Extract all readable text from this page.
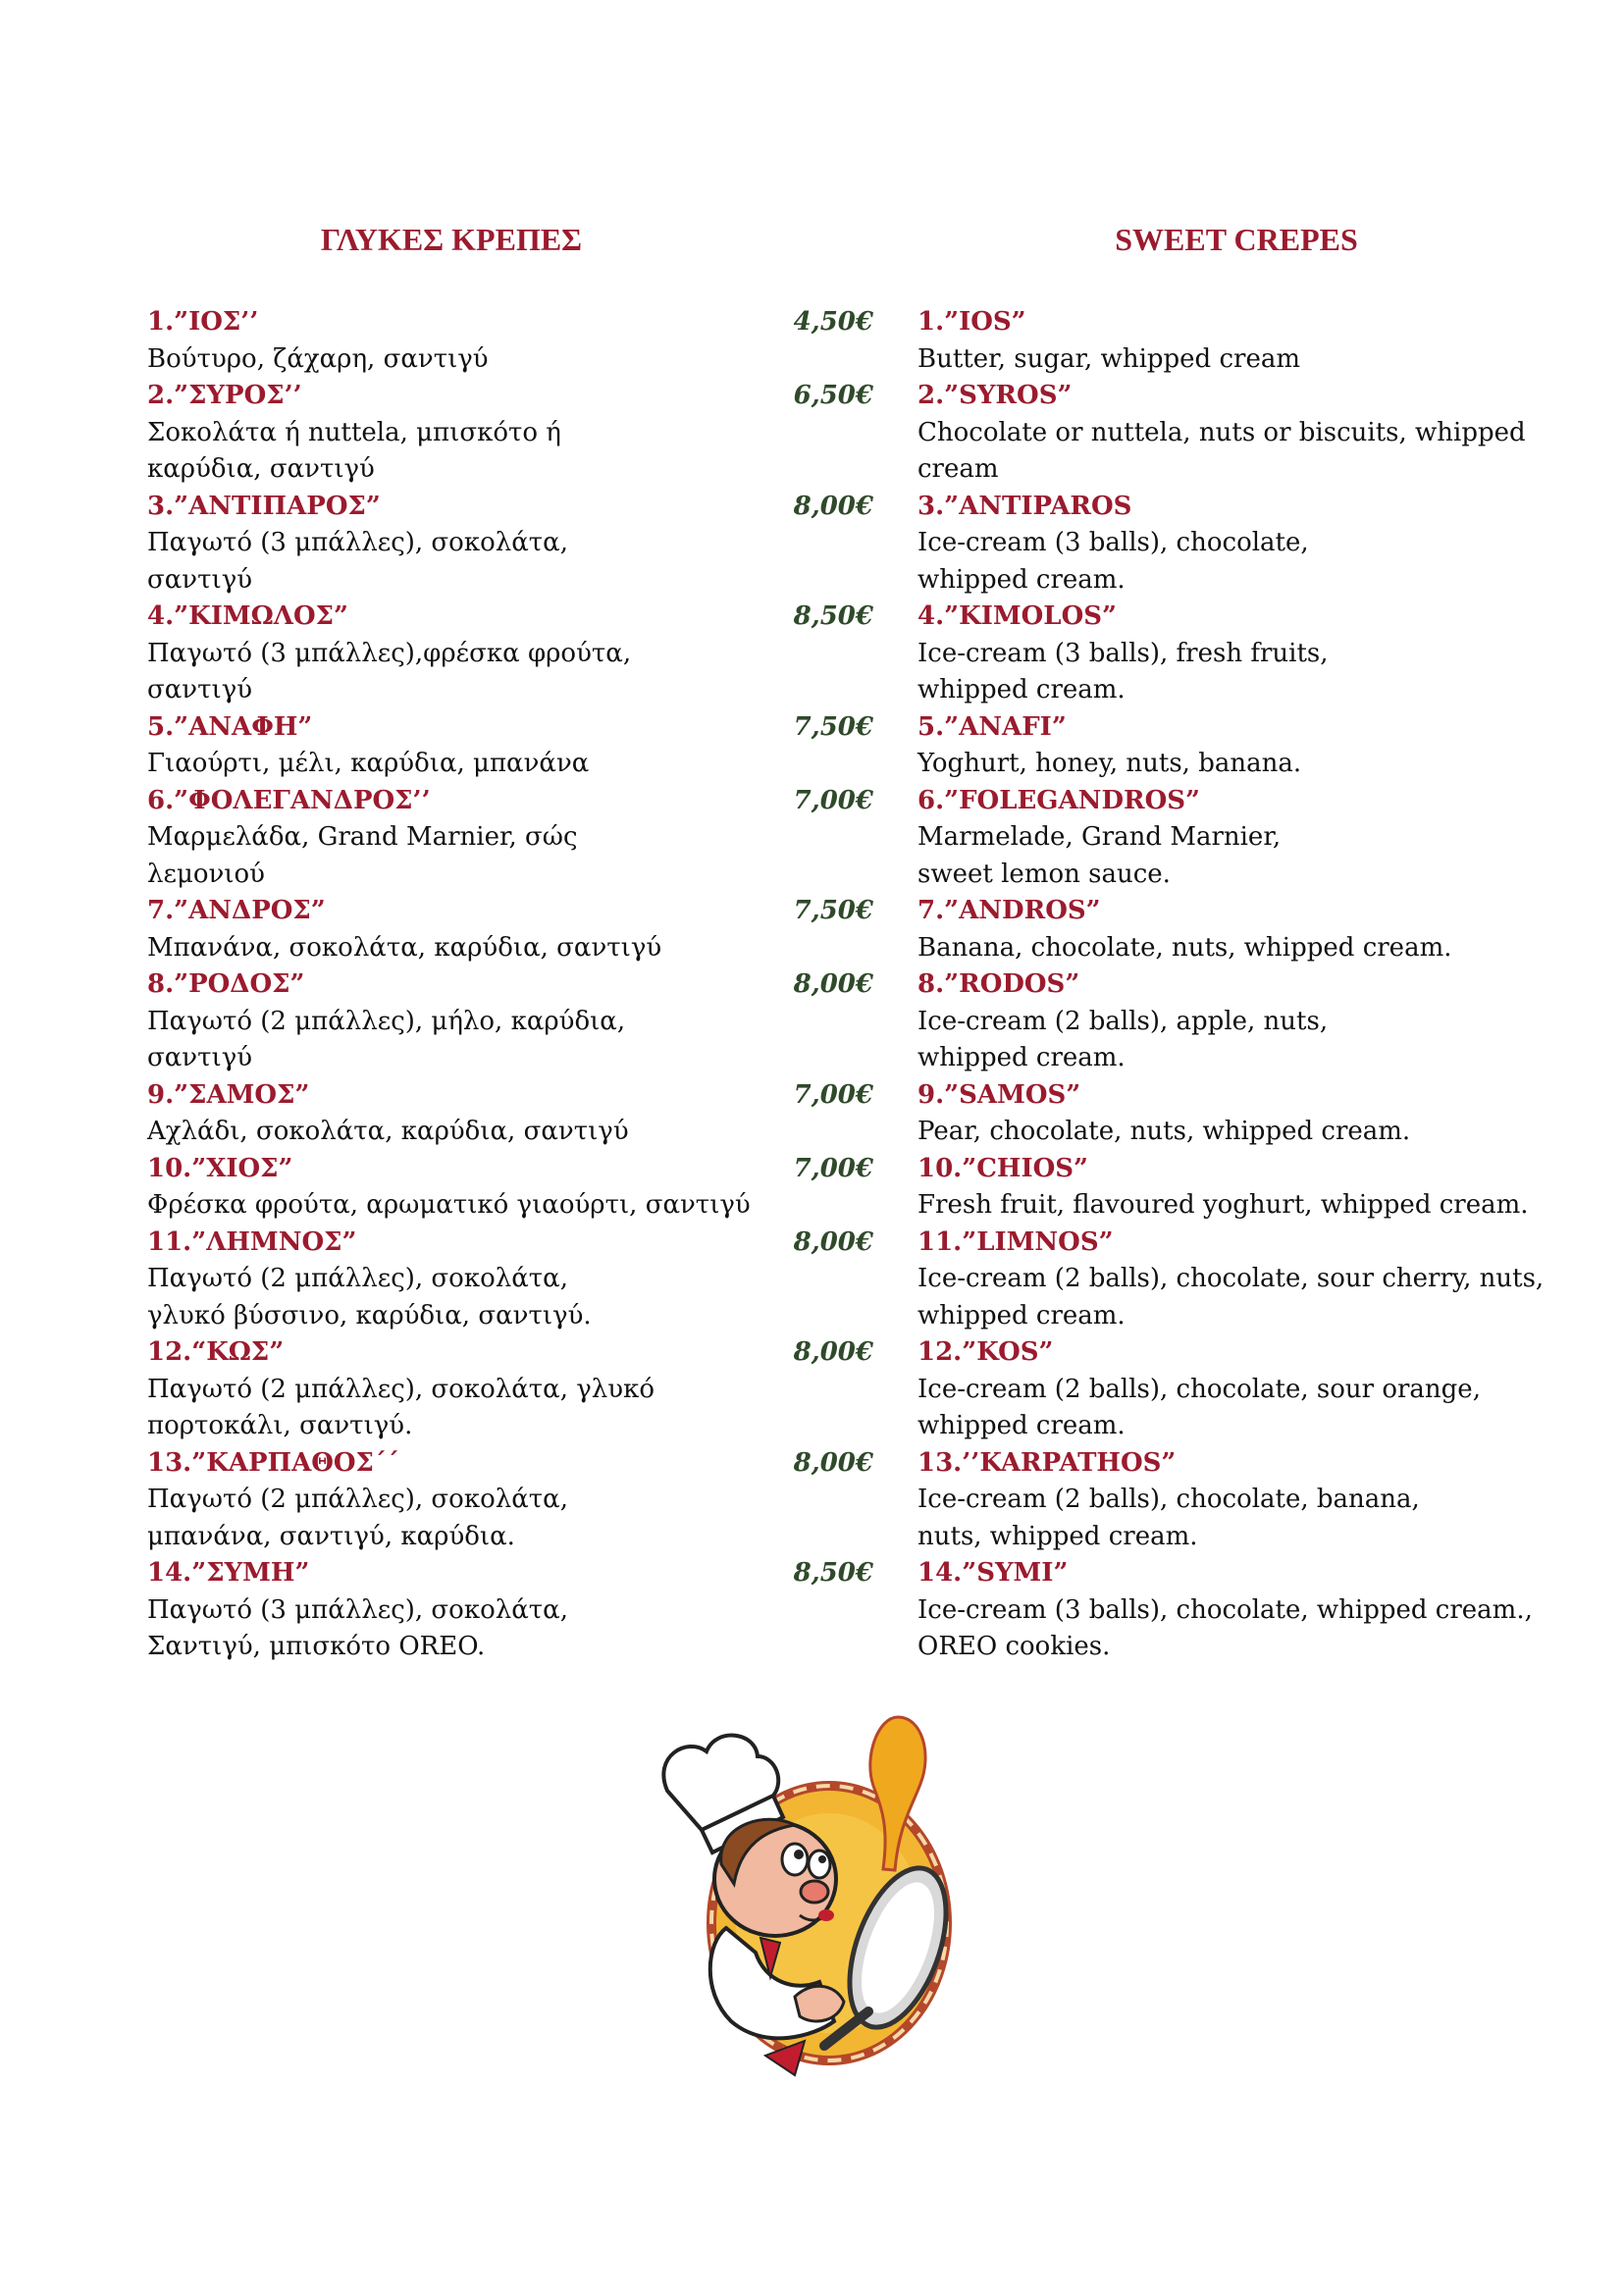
ΓΛΥΚΕΣ ΚΡΕΠΕΣ	SWEET CREPES
1.”ΙΟΣ’’	4,50€
Βούτυρο, ζάχαρη, σαντιγύ
2.”ΣΥΡΟΣ’’	6,50€
Σοκολάτα ή nuttela, μπισκότο ή καρύδια, σαντιγύ
3.”ΑΝΤΙΠΑΡΟΣ”	8,00€
Παγωτό (3 μπάλλες), σοκολάτα, σαντιγύ
4.”ΚΙΜΩΛΟΣ”	8,50€
Παγωτό (3 μπάλλες),φρέσκα φρούτα, σαντιγύ
5.”ΑΝΑΦΗ”	7,50€
Γιαούρτι, μέλι, καρύδια, μπανάνα
6.”ΦΟΛΕΓΑΝΔΡΟΣ’’	7,00€
Μαρμελάδα, Grand Marnier, σώς λεμονιού
7.”ΑΝΔΡΟΣ”	7,50€
Μπανάνα, σοκολάτα, καρύδια, σαντιγύ
8.”ΡΟΔΟΣ”	8,00€
Παγωτό (2 μπάλλες), μήλο, καρύδια, σαντιγύ
9.”ΣΑΜΟΣ”	7,00€
Αχλάδι, σοκολάτα, καρύδια, σαντιγύ
10.”ΧΙΟΣ”	7,00€
Φρέσκα φρούτα, αρωματικό γιαούρτι, σαντιγύ
11.”ΛΗΜΝΟΣ”	8,00€
Παγωτό (2 μπάλλες), σοκολάτα, γλυκό βύσσινο, καρύδια, σαντιγύ.
12.“ΚΩΣ”	8,00€
Παγωτό (2 μπάλλες), σοκολάτα, γλυκό πορτοκάλι, σαντιγύ.
13.”ΚΑΡΠΑΘΟΣ΄΄	8,00€
Παγωτό (2 μπάλλες), σοκολάτα, μπανάνα, σαντιγύ, καρύδια.
14.”ΣΥΜΗ”	8,50€
Παγωτό (3 μπάλλες), σοκολάτα, Σαντιγύ, μπισκότο OREO.
1.”IOS”
Butter, sugar, whipped cream
2.”SYROS”
Chocolate or nuttela, nuts or biscuits, whipped cream
3.”ANTIPAROS
Ice-cream (3 balls), chocolate, whipped cream.
4.”KIMOLOS”
Ice-cream (3 balls), fresh fruits, whipped cream.
5.”ANAFI”
Yoghurt, honey, nuts, banana.
6.”FOLEGANDROS”
Marmelade, Grand Marnier, sweet lemon sauce.
7.”ANDROS”
Banana, chocolate, nuts, whipped cream.
8.”RODOS”
Ice-cream (2 balls), apple, nuts, whipped cream.
9.”SAMOS”
Pear, chocolate, nuts, whipped cream.
10.”CHIOS”
Fresh fruit, flavoured yoghurt, whipped cream.
11.”LIMNOS”
Ice-cream (2 balls), chocolate, sour cherry, nuts, whipped cream.
12.”KOS”
Ice-cream (2 balls), chocolate, sour orange, whipped cream.
13.’’KARPATHOS”
Ice-cream (2 balls), chocolate, banana, nuts, whipped cream.
14.”SYMI”
Ice-cream (3 balls), chocolate, whipped cream., OREO cookies.
